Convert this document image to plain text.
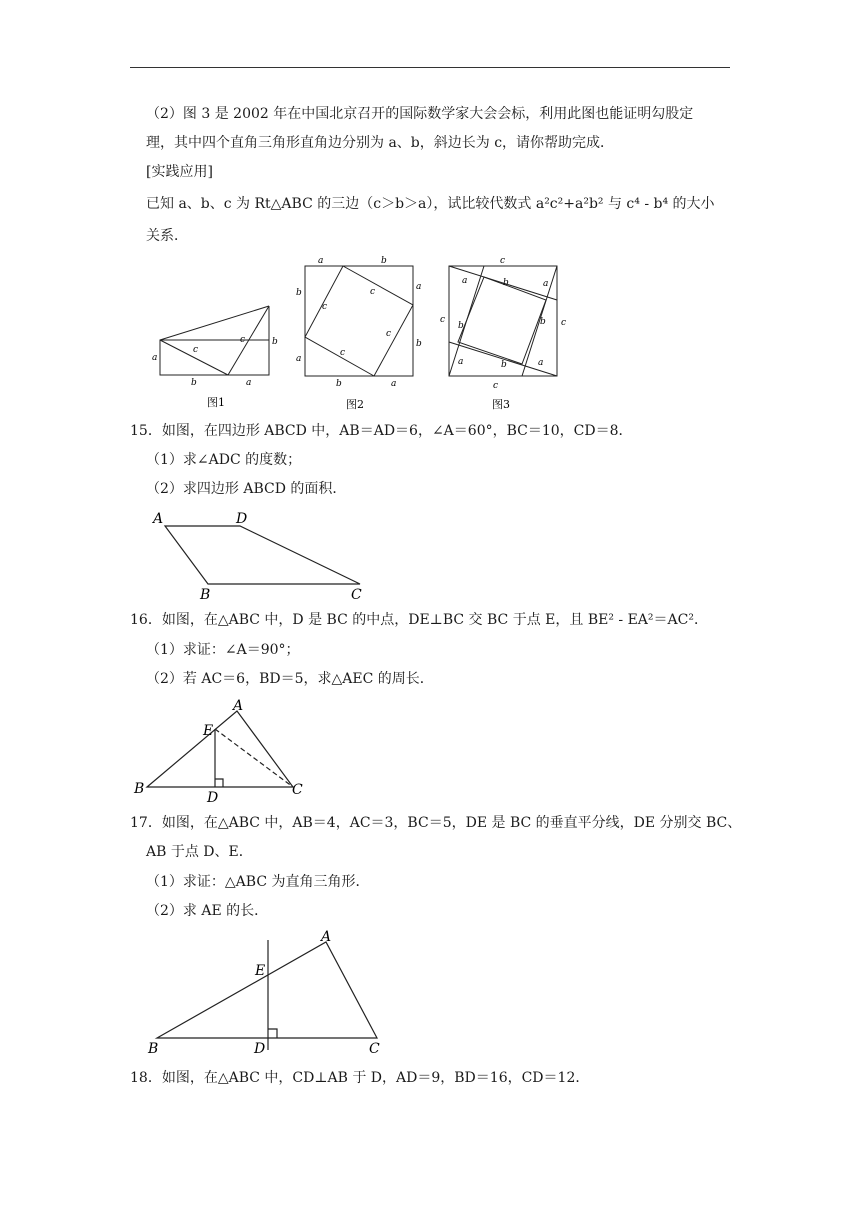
（2）图 3 是 2002 年在中国北京召开的国际数学家大会会标，利用此图也能证明勾股定
理，其中四个直角三角形直角边分别为 a、b，斜边长为 c，请你帮助完成．
[实践应用]
已知 a、b、c 为 Rt△ABC 的三边（c＞b＞a），试比较代数式 a²c²+a²b² 与 c⁴ - b⁴ 的大小
关系．
a
b
c
c
b	a
图1
a	b
b
a
a
b
b	a
c
c
c
c
图2
c
c	c
c
a	b	a
b	b
a	b	a
图3
15．如图，在四边形 ABCD 中，AB＝AD＝6，∠A＝60°，BC＝10，CD＝8．
（1）求∠ADC 的度数；
（2）求四边形 ABCD 的面积．
A	D
B	C
16．如图，在△ABC 中，D 是 BC 的中点，DE⊥BC 交 BC 于点 E，且 BE² - EA²＝AC²．
（1）求证：∠A＝90°；
（2）若 AC＝6，BD＝5，求△AEC 的周长．
A
E
B
D	C
17．如图，在△ABC 中，AB＝4，AC＝3，BC＝5，DE 是 BC 的垂直平分线，DE 分别交 BC、
AB 于点 D、E．
（1）求证：△ABC 为直角三角形．
（2）求 AE 的长．
A
E
B	D	C
18．如图，在△ABC 中，CD⊥AB 于 D，AD＝9，BD＝16，CD＝12．
